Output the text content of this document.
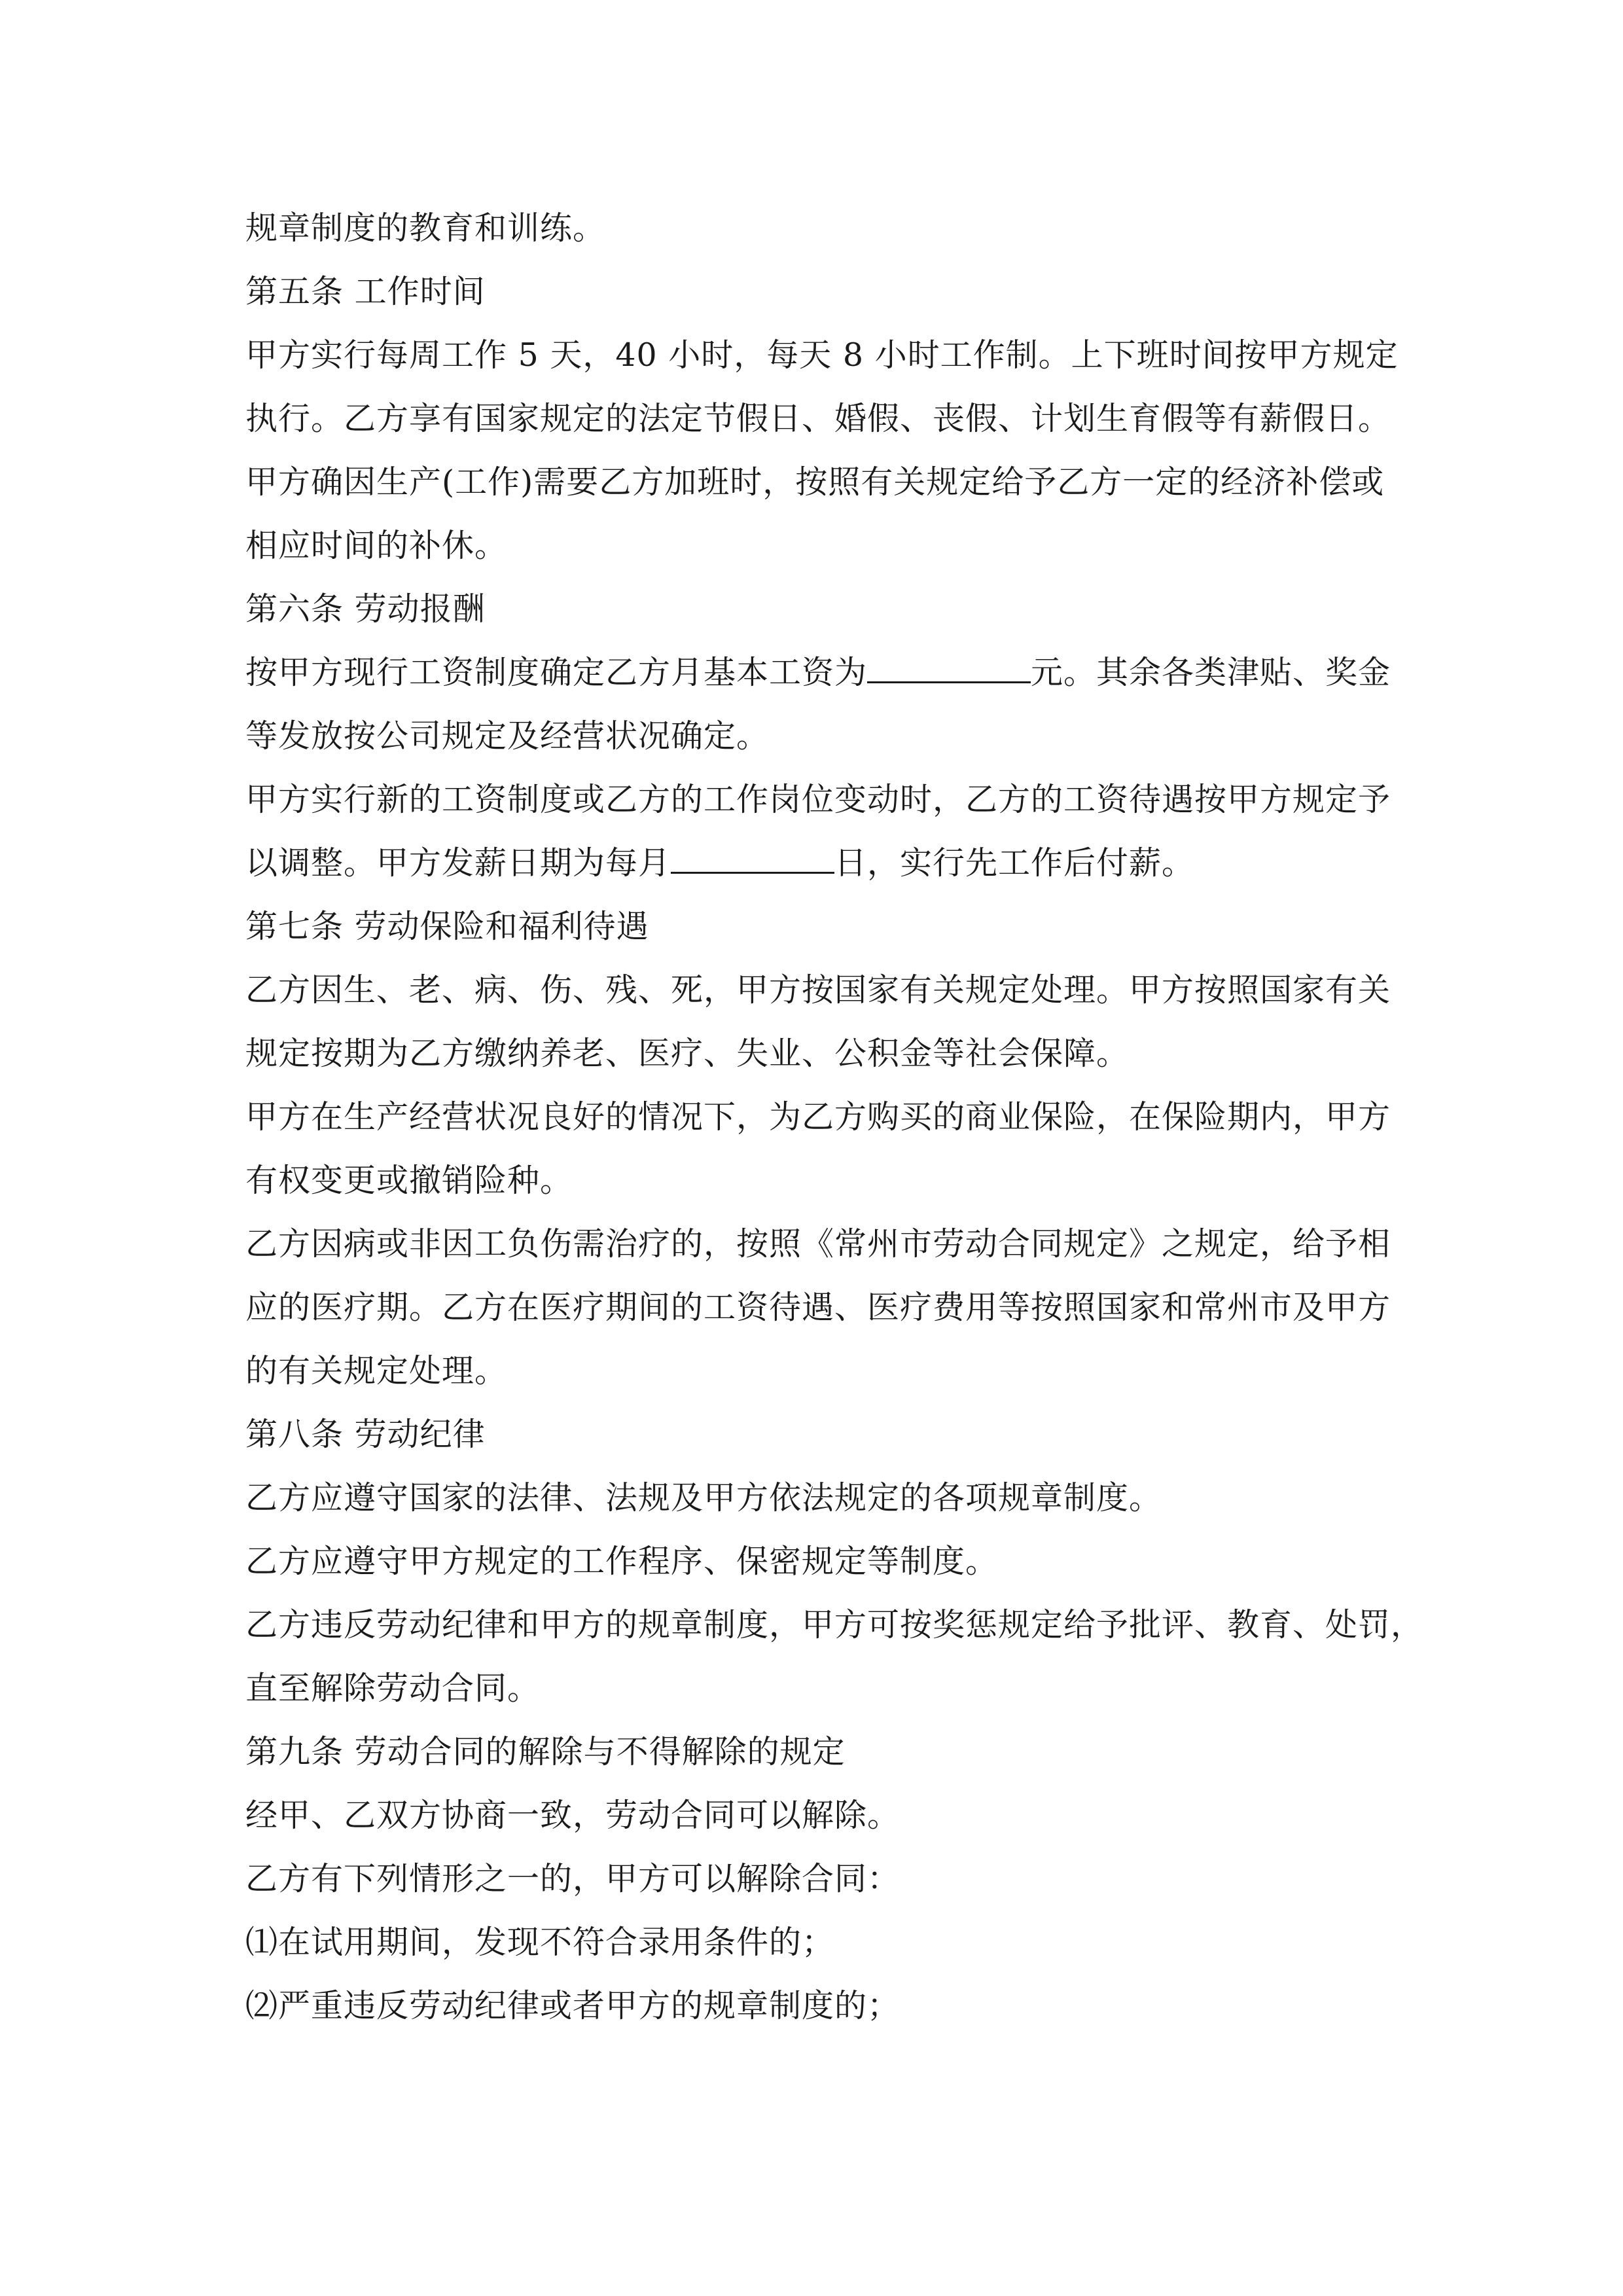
规章制度的教育和训练。
第五条 工作时间
甲方实行每周工作 5 天，40 小时，每天 8 小时工作制。上下班时间按甲方规定
执行。乙方享有国家规定的法定节假日、婚假、丧假、计划生育假等有薪假日。
甲方确因生产(工作)需要乙方加班时，按照有关规定给予乙方一定的经济补偿或
相应时间的补休。
第六条 劳动报酬
按甲方现行工资制度确定乙方月基本工资为	元。其余各类津贴、奖金
等发放按公司规定及经营状况确定。
甲方实行新的工资制度或乙方的工作岗位变动时，乙方的工资待遇按甲方规定予
以调整。甲方发薪日期为每月	日，实行先工作后付薪。
第七条 劳动保险和福利待遇
乙方因生、老、病、伤、残、死，甲方按国家有关规定处理。甲方按照国家有关
规定按期为乙方缴纳养老、医疗、失业、公积金等社会保障。
甲方在生产经营状况良好的情况下，为乙方购买的商业保险，在保险期内，甲方
有权变更或撤销险种。
乙方因病或非因工负伤需治疗的，按照《常州市劳动合同规定》之规定，给予相
应的医疗期。乙方在医疗期间的工资待遇、医疗费用等按照国家和常州市及甲方
的有关规定处理。
第八条 劳动纪律
乙方应遵守国家的法律、法规及甲方依法规定的各项规章制度。
乙方应遵守甲方规定的工作程序、保密规定等制度。
乙方违反劳动纪律和甲方的规章制度，甲方可按奖惩规定给予批评、教育、处罚，
直至解除劳动合同。
第九条 劳动合同的解除与不得解除的规定
经甲、乙双方协商一致，劳动合同可以解除。
乙方有下列情形之一的，甲方可以解除合同：
⑴在试用期间，发现不符合录用条件的；
⑵严重违反劳动纪律或者甲方的规章制度的；
